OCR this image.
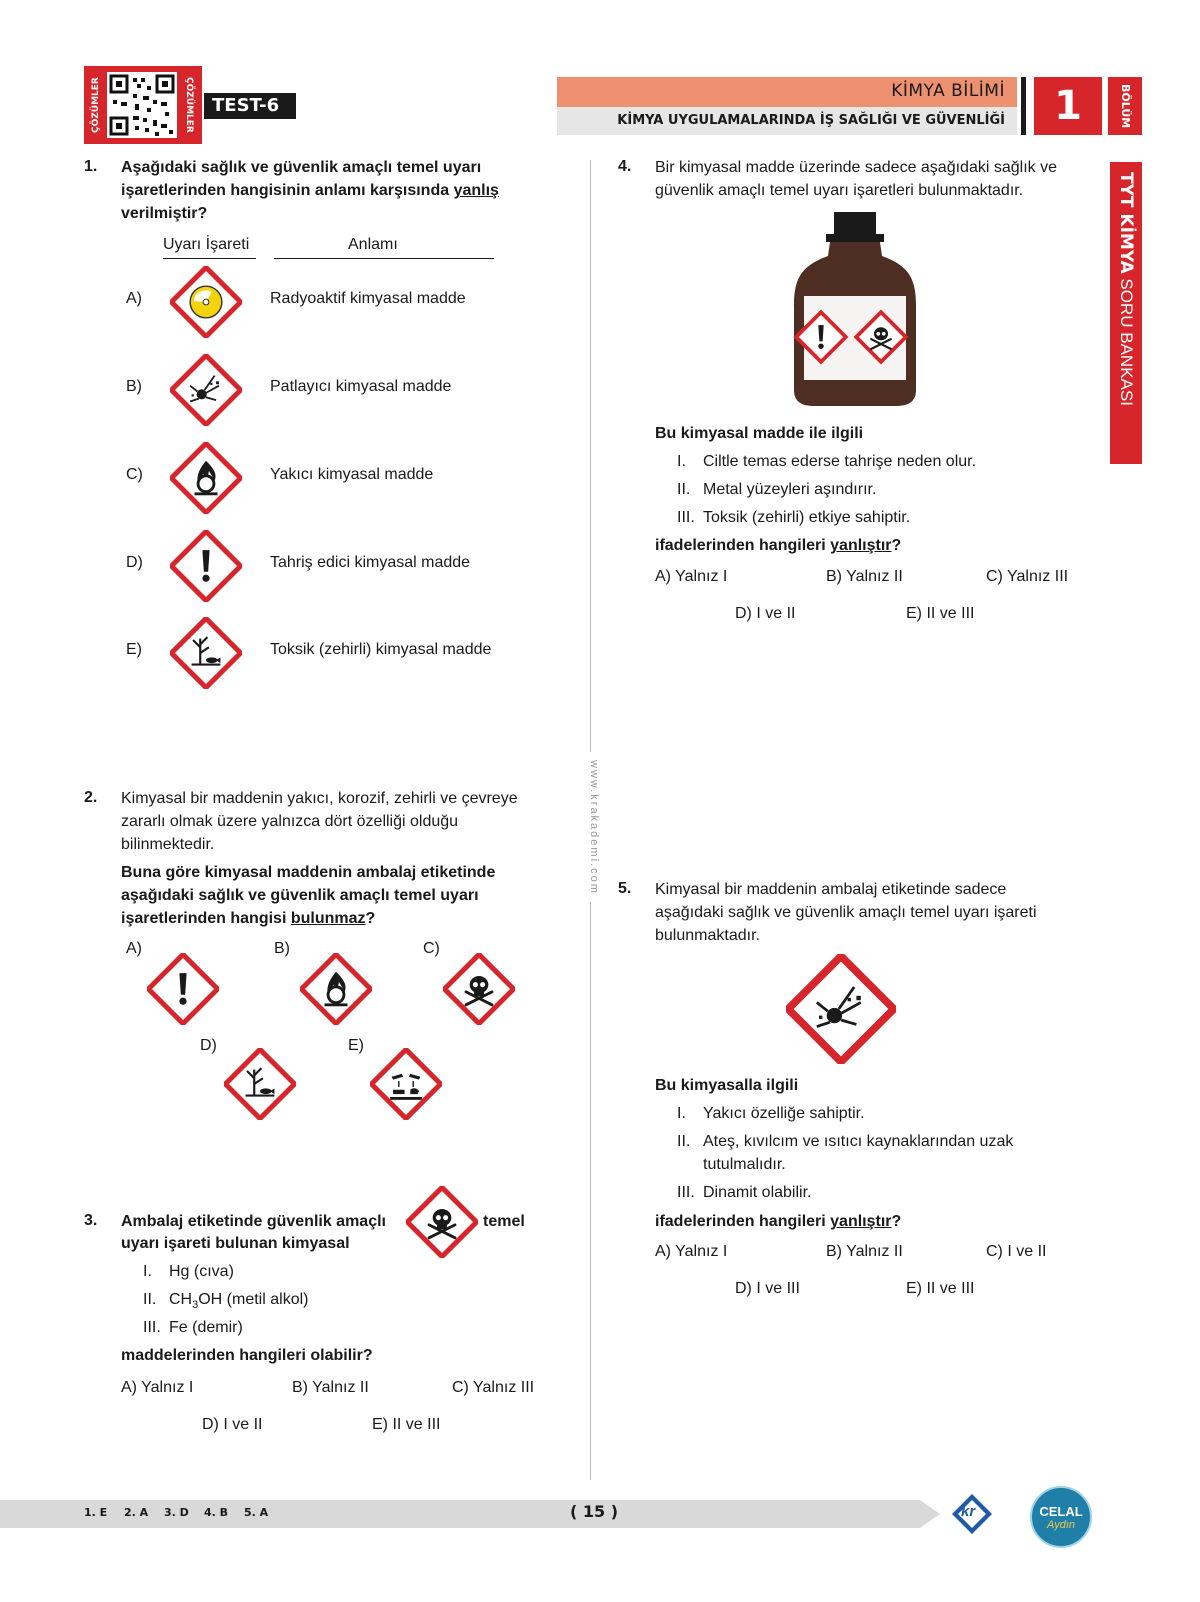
ÇÖZÜMLER	ÇÖZÜMLER	TEST-6
KİMYA BİLİMİ
KİMYA UYGULAMALARINDA İŞ SAĞLIĞI VE GÜVENLİĞİ	1	BÖLÜM
TYT KİMYA SORU BANKASI
www.krakademi.com
1. Aşağıdaki sağlık ve güvenlik amaçlı temel uyarı işaretlerinden hangisinin anlamı karşısında yanlış verilmiştir?
Uyarı İşareti	Anlamı
A)	Radyoaktif kimyasal madde
B)	Patlayıcı kimyasal madde
C)	Yakıcı kimyasal madde
D)	Tahriş edici kimyasal madde
E)	Toksik (zehirli) kimyasal madde
2. Kimyasal bir maddenin yakıcı, korozif, zehirli ve çevreye zararlı olmak üzere yalnızca dört özelliği olduğu bilinmektedir.
Buna göre kimyasal maddenin ambalaj etiketinde aşağıdaki sağlık ve güvenlik amaçlı temel uyarı işaretlerinden hangisi bulunmaz?
A)	B)	C)
D)	E)
3. Ambalaj etiketinde güvenlik amaçlı	temel
uyarı işareti bulunan kimyasal
I. Hg (cıva)
II. $CH_3OH$ (metil alkol)
III. Fe (demir)
maddelerinden hangileri olabilir?
A) Yalnız I	B) Yalnız II	C) Yalnız III
D) I ve II	E) II ve III
4. Bir kimyasal madde üzerinde sadece aşağıdaki sağlık ve güvenlik amaçlı temel uyarı işaretleri bulunmaktadır.
Bu kimyasal madde ile ilgili
I. Ciltle temas ederse tahrişe neden olur.
II. Metal yüzeyleri aşındırır.
III. Toksik (zehirli) etkiye sahiptir.
ifadelerinden hangileri yanlıştır?
A) Yalnız I	B) Yalnız II	C) Yalnız III
D) I ve II	E) II ve III
5. Kimyasal bir maddenin ambalaj etiketinde sadece aşağıdaki sağlık ve güvenlik amaçlı temel uyarı işareti bulunmaktadır.
Bu kimyasalla ilgili
I. Yakıcı özelliğe sahiptir.
II. Ateş, kıvılcım ve ısıtıcı kaynaklarından uzak tutulmalıdır.
III. Dinamit olabilir.
ifadelerinden hangileri yanlıştır?
A) Yalnız I	B) Yalnız II	C) I ve II
D) I ve III	E) II ve III
1. E 2. A 3. D 4. B 5. A	( 15 )	kr	CELAL
Aydın
